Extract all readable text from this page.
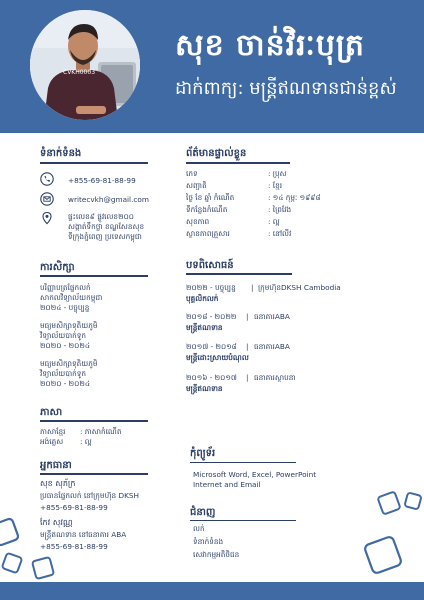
CVKH0003
សុខ ចាន់វិរៈបុត្រ
ដាក់ពាក្យ: មន្ត្រីឥណទានជាន់ខ្ពស់
ទំនាក់ទំនង
+855-69-81-88-99
writecvkh@gmail.com
ផ្ទះលេខ៩ ផ្លូវលេខ២០០
សង្កាត់ទឹកថ្លា ខណ្ឌសែនសុខ
ទីក្រុងភ្នំពេញ ប្រទេសកម្ពុជា
ការសិក្សា
បរិញ្ញាបត្រផ្នែកលក់
សាកលវិទ្យាល័យកម្ពុជា
២០២៤ - បច្ចុប្បន្ន
មធ្យមសិក្សាទុតិយភូមិ
វិទ្យាល័យបាក់ទូក
២០២០ - ២០២៤
មធ្យមសិក្សាទុតិយភូមិ
វិទ្យាល័យបាក់ទូក
២០២០ - ២០២៤
ភាសា
ភាសាខ្មែរ : ភាសាកំណើត
អង់គ្លេស : ល្អ
អ្នកធានា
សុខ សុភ័ក្រ
ប្រធានផ្នែកលក់ នៅក្រុមហ៊ុន DKSH
+855-69-81-88-99
កែវ សុវណ្ណ
មន្ត្រីឥណទាន នៅធនាគារ ABA
+855-69-81-88-99
ព័ត៌មានផ្ទាល់ខ្លួន
ភេទ	: ប្រុស
សញ្ជាតិ	: ខ្មែរ
ថ្ងៃ ខែ ឆ្នាំ កំណើត	: ១៤ កុម្ភៈ ១៩៩៨
ទីកន្លែងកំណើត	: ព្រៃវែង
សុខភាព	: ល្អ
ស្ថានភាពគ្រួសារ	: នៅលីវ
បទពិសោធន៍
២០២២ - បច្ចុប្បន្ន | ក្រុមហ៊ុនDKSH Cambodia
បុគ្គលិកលក់
២០១៨ - ២០២២ | ធនាគារABA
មន្ត្រីឥណទាន
២០១៧ - ២០១៨ | ធនាគារABA
មន្ត្រីដោះស្រាយបំណុល
២០១៦ - ២០១៧ | ធនាគារស្ថាបនា
មន្ត្រីឥណទាន
កុំព្យូទ័រ
Microsoft Word, Excel, PowerPoint
Internet and Email
ជំនាញ
លក់
ទំនាក់ទំនង
សេវាកម្មអតិថិជន
